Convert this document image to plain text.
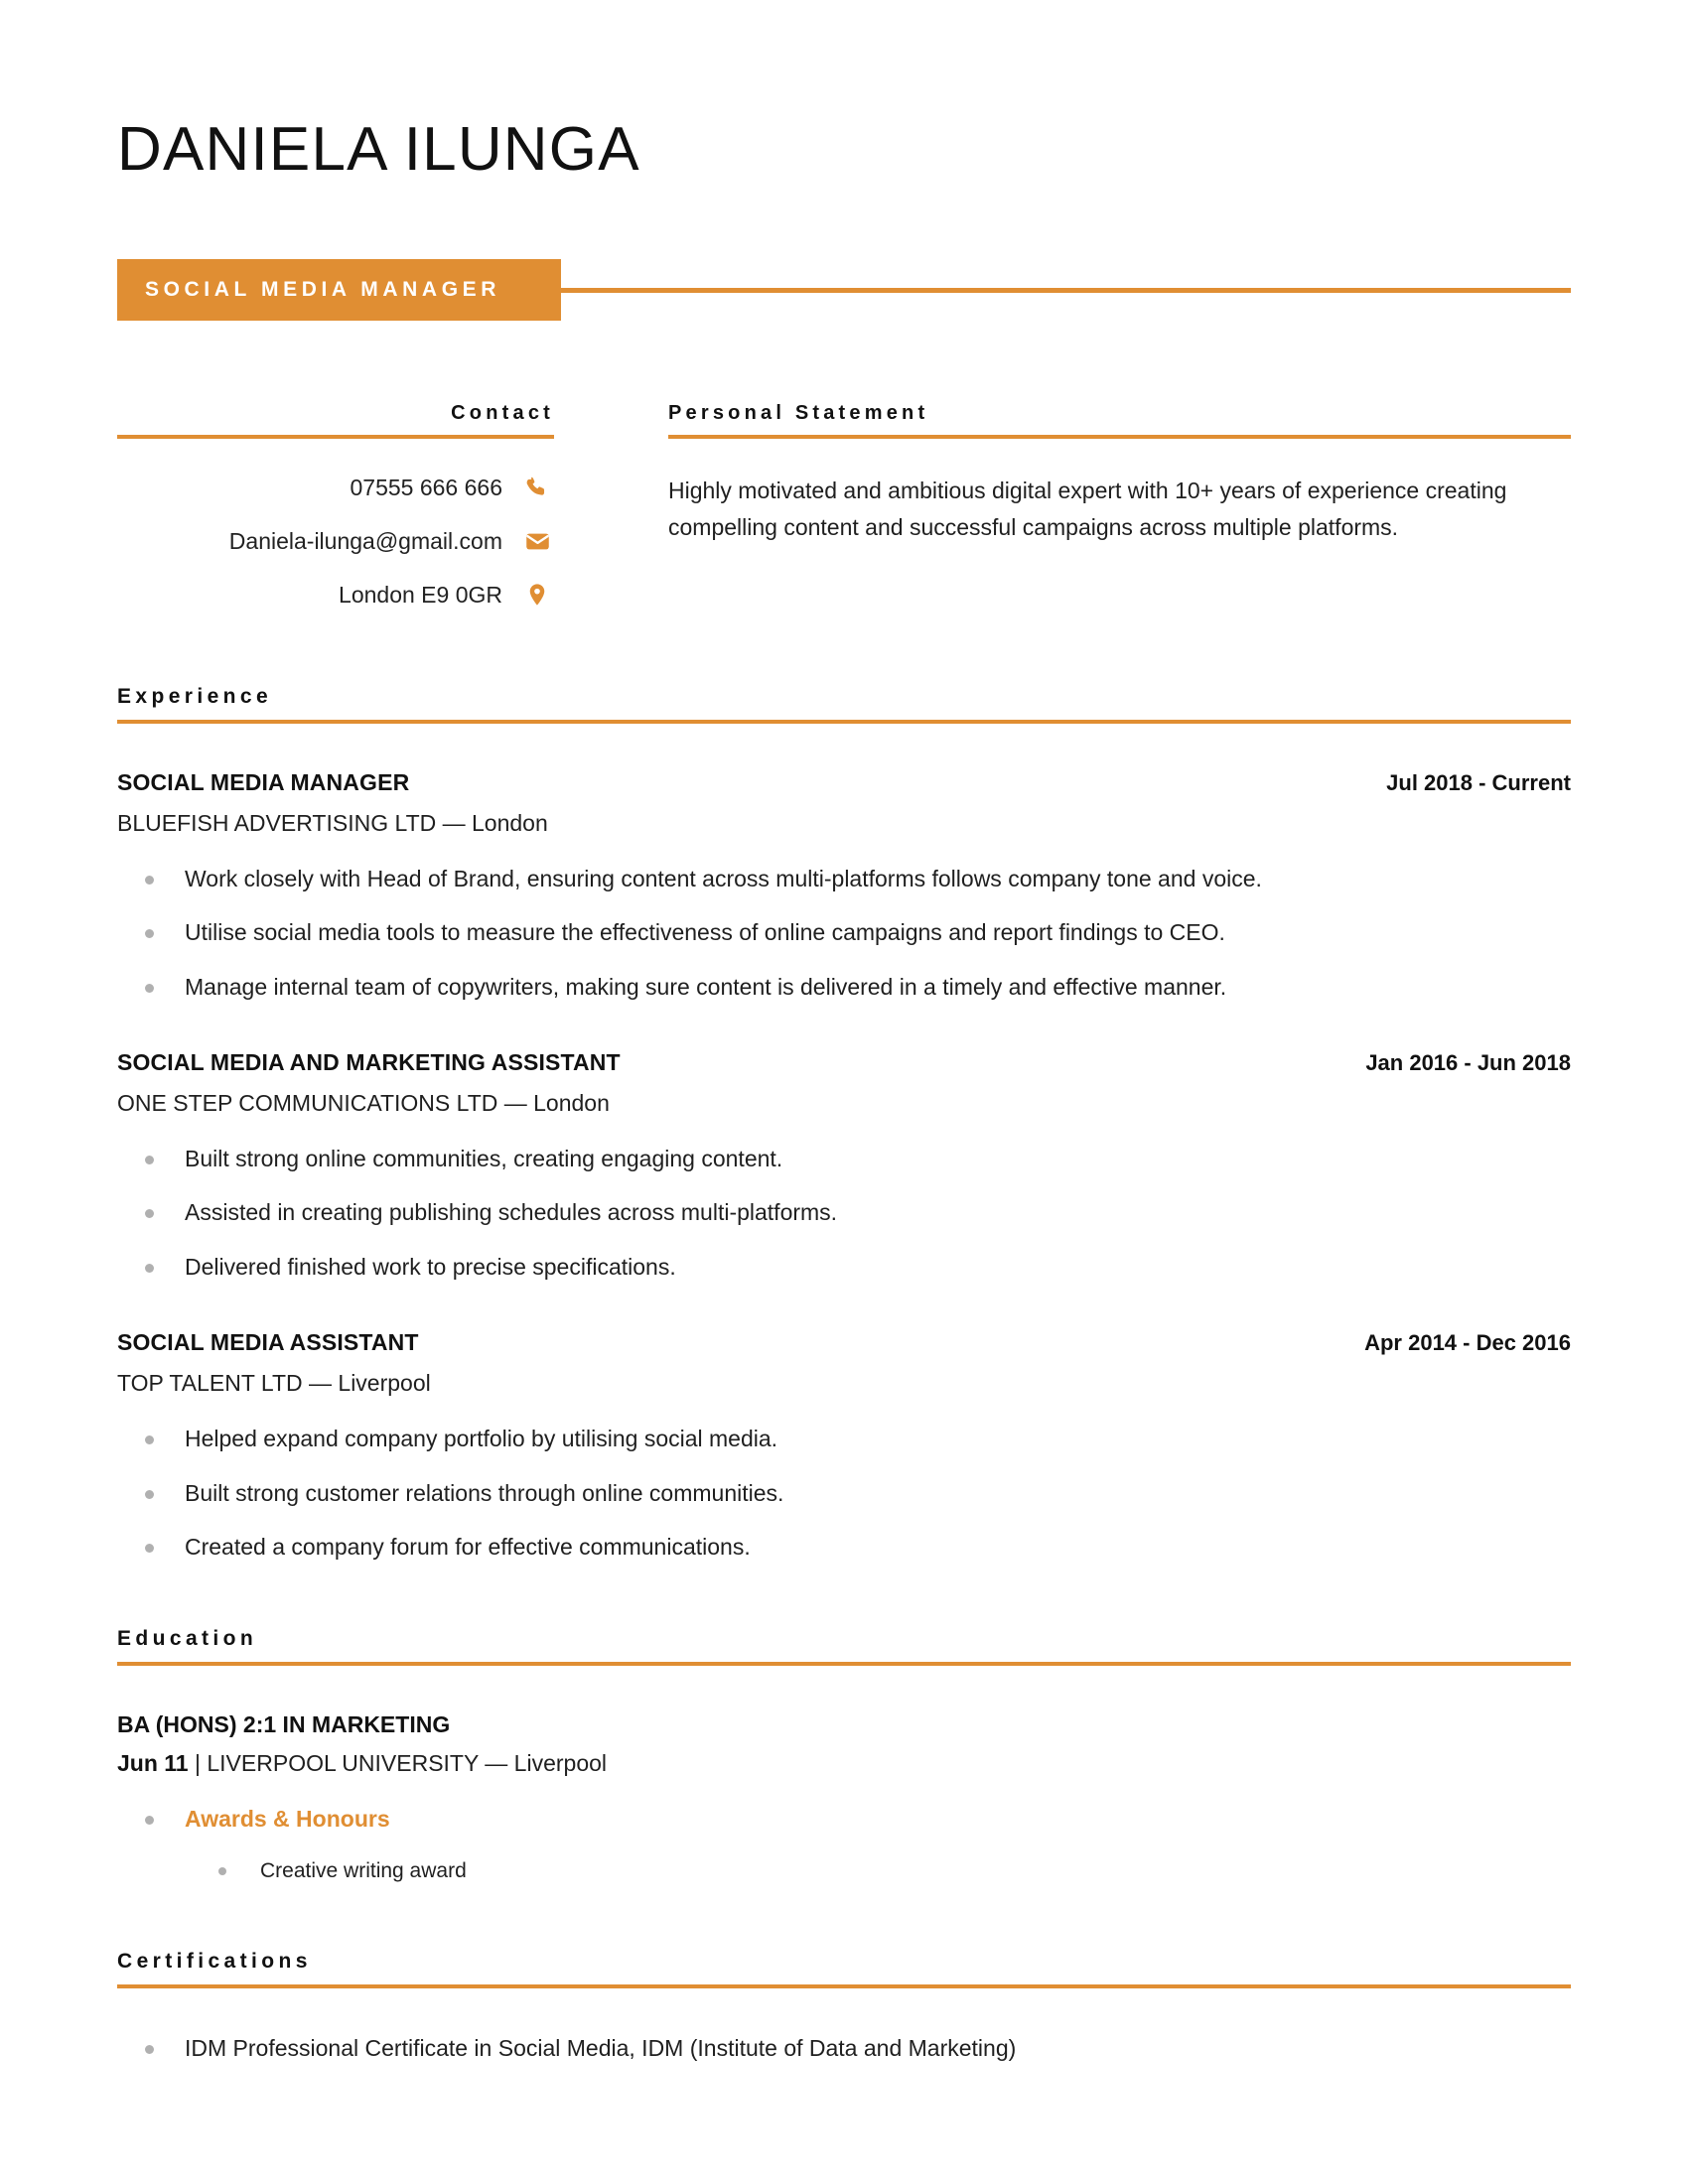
DANIELA ILUNGA
SOCIAL MEDIA MANAGER
Contact
07555 666 666
Daniela-ilunga@gmail.com
London E9 0GR
Personal Statement

Highly motivated and ambitious digital expert with 10+ years of experience creating compelling content and successful campaigns across multiple platforms.

Experience
SOCIAL MEDIA MANAGER	Jul 2018 - Current
BLUEFISH ADVERTISING LTD — London
Work closely with Head of Brand, ensuring content across multi-platforms follows company tone and voice.
Utilise social media tools to measure the effectiveness of online campaigns and report findings to CEO.
Manage internal team of copywriters, making sure content is delivered in a timely and effective manner.
SOCIAL MEDIA AND MARKETING ASSISTANT	Jan 2016 - Jun 2018
ONE STEP COMMUNICATIONS LTD — London
Built strong online communities, creating engaging content.
Assisted in creating publishing schedules across multi-platforms.
Delivered finished work to precise specifications.
SOCIAL MEDIA ASSISTANT	Apr 2014 - Dec 2016
TOP TALENT LTD — Liverpool
Helped expand company portfolio by utilising social media.
Built strong customer relations through online communities.
Created a company forum for effective communications.
Education
BA (HONS) 2:1 IN MARKETING
Jun 11 | LIVERPOOL UNIVERSITY — Liverpool
Awards & Honours
Creative writing award
Certifications
IDM Professional Certificate in Social Media, IDM (Institute of Data and Marketing)
